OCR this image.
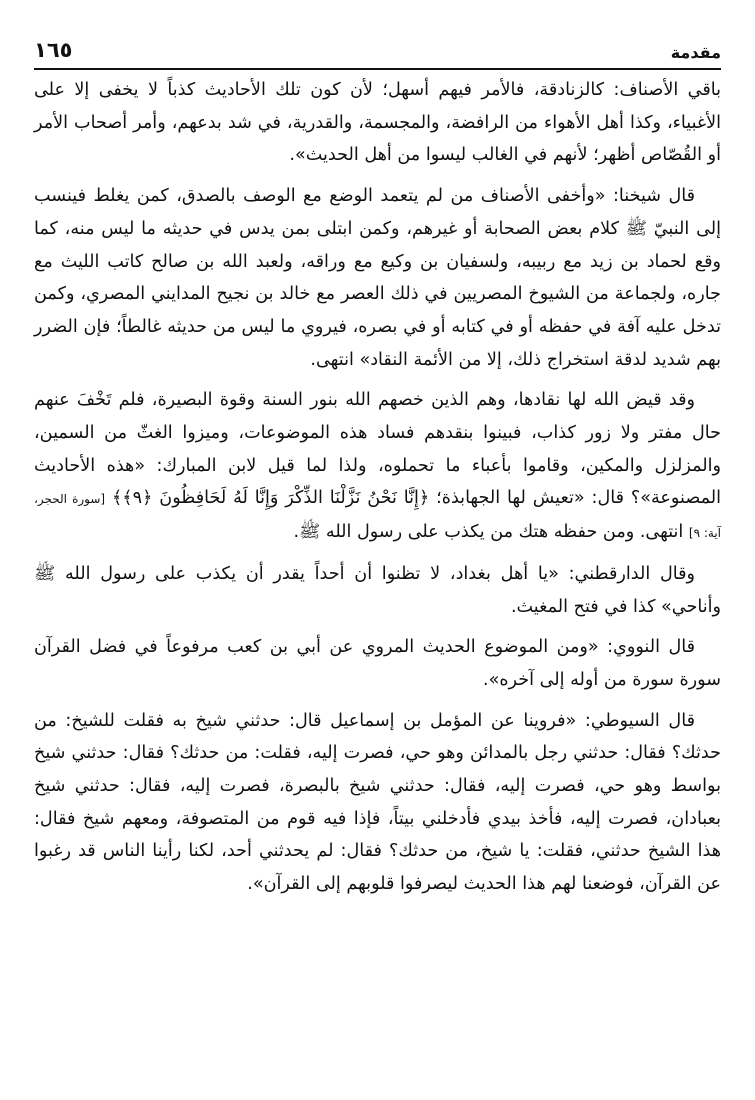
١٦٥	مقدمة

باقي الأصناف: كالزنادقة، فالأمر فيهم أسهل؛ لأن كون تلك الأحاديث كذباً لا يخفى إلا على الأغبياء، وكذا أهل الأهواء من الرافضة، والمجسمة، والقدرية، في شد بدعهم، وأمر أصحاب الأمر أو القُصّاص أظهر؛ لأنهم في الغالب ليسوا من أهل الحديث».

قال شيخنا: «وأخفى الأصناف من لم يتعمد الوضع مع الوصف بالصدق، كمن يغلط فينسب إلى النبيّ ﷺ كلام بعض الصحابة أو غيرهم، وكمن ابتلى بمن يدس في حديثه ما ليس منه، كما وقع لحماد بن زيد مع ربيبه، ولسفيان بن وكيع مع وراقه، ولعبد الله بن صالح كاتب الليث مع جاره، ولجماعة من الشيوخ المصريين في ذلك العصر مع خالد بن نجيح المدايني المصري، وكمن تدخل عليه آفة في حفظه أو في كتابه أو في بصره، فيروي ما ليس من حديثه غالطاً؛ فإن الضرر بهم شديد لدقة استخراج ذلك، إلا من الأئمة النقاد» انتهى.

وقد قيض الله لها نقادها، وهم الذين خصهم الله بنور السنة وقوة البصيرة، فلم تَخْفَ عنهم حال مفتر ولا زور كذاب، فبينوا بنقدهم فساد هذه الموضوعات، وميزوا الغثّ من السمين، والمزلزل والمكين، وقاموا بأعباء ما تحملوه، ولذا لما قيل لابن المبارك: «هذه الأحاديث المصنوعة»؟ قال: «تعيش لها الجهابذة؛ ﴿إِنَّا نَحْنُ نَزَّلْنَا الذِّكْرَ وَإِنَّا لَهُ لَحَافِظُونَ ﴿٩﴾﴾ [سورة الحجر، آية: ٩] انتهى. ومن حفظه هتك من يكذب على رسول الله ﷺ.

وقال الدارقطني: «يا أهل بغداد، لا تظنوا أن أحداً يقدر أن يكذب على رسول الله ﷺ وأناحي» كذا في فتح المغيث.

قال النووي: «ومن الموضوع الحديث المروي عن أبي بن كعب مرفوعاً في فضل القرآن سورة سورة من أوله إلى آخره».

قال السيوطي: «فروينا عن المؤمل بن إسماعيل قال: حدثني شيخ به فقلت للشيخ: من حدثك؟ فقال: حدثني رجل بالمدائن وهو حي، فصرت إليه، فقلت: من حدثك؟ فقال: حدثني شيخ بواسط وهو حي، فصرت إليه، فقال: حدثني شيخ بالبصرة، فصرت إليه، فقال: حدثني شيخ بعبادان، فصرت إليه، فأخذ بيدي فأدخلني بيتاً، فإذا فيه قوم من المتصوفة، ومعهم شيخ فقال: هذا الشيخ حدثني، فقلت: يا شيخ، من حدثك؟ فقال: لم يحدثني أحد، لكنا رأينا الناس قد رغبوا عن القرآن، فوضعنا لهم هذا الحديث ليصرفوا قلوبهم إلى القرآن».
